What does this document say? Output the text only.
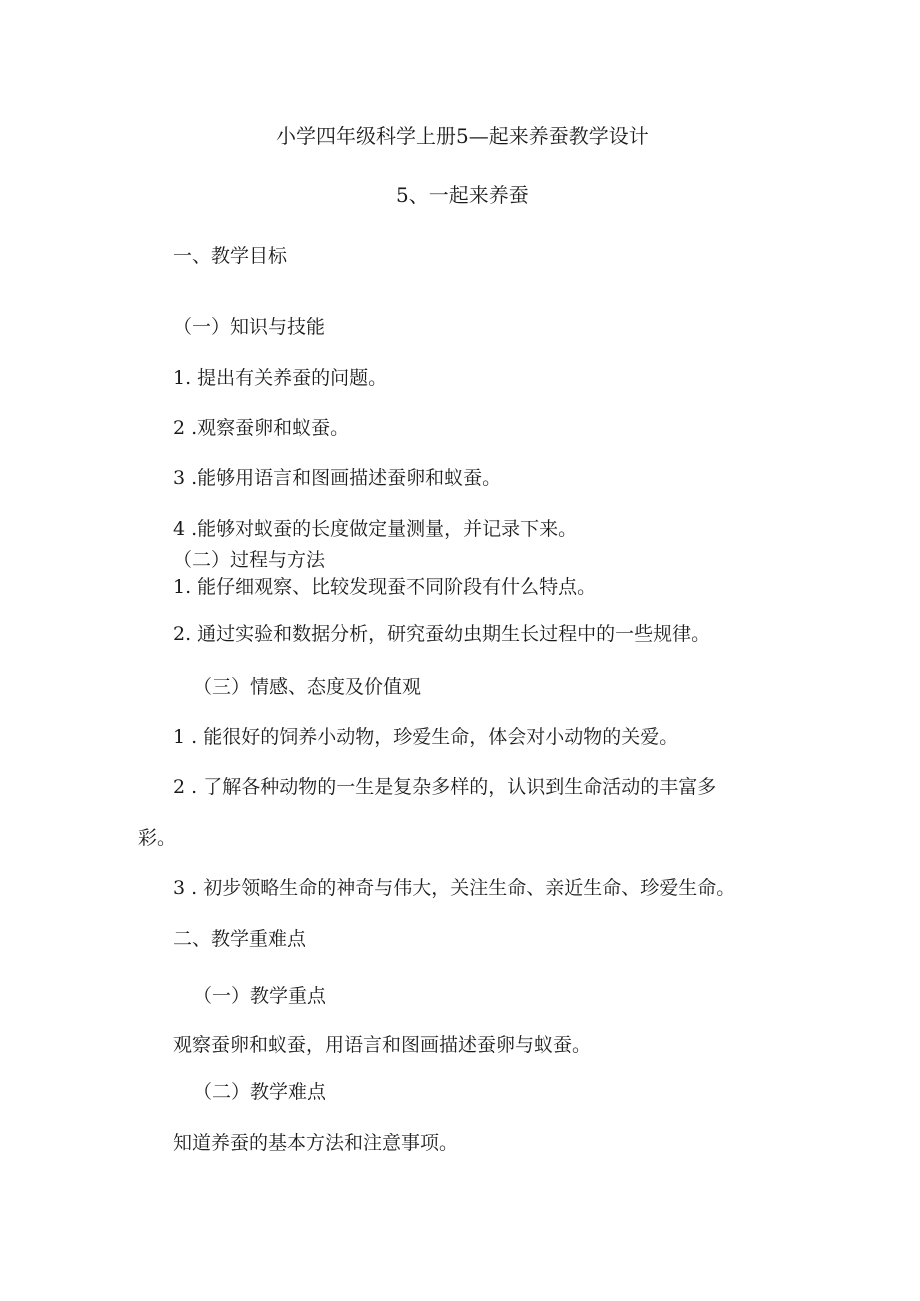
小学四年级科学上册5—起来养蚕教学设计
5、一起来养蚕
一、教学目标
（一）知识与技能
1. 提出有关养蚕的问题。
2 .观察蚕卵和蚁蚕。
3 .能够用语言和图画描述蚕卵和蚁蚕。
4 .能够对蚁蚕的长度做定量测量，并记录下来。
（二）过程与方法
1. 能仔细观察、比较发现蚕不同阶段有什么特点。
2. 通过实验和数据分析，研究蚕幼虫期生长过程中的一些规律。
（三）情感、态度及价值观
1 . 能很好的饲养小动物，珍爱生命，体会对小动物的关爱。
2 . 了解各种动物的一生是复杂多样的，认识到生命活动的丰富多
彩。
3 . 初步领略生命的神奇与伟大，关注生命、亲近生命、珍爱生命。
二、教学重难点
（一）教学重点
观察蚕卵和蚁蚕，用语言和图画描述蚕卵与蚁蚕。
（二）教学难点
知道养蚕的基本方法和注意事项。
